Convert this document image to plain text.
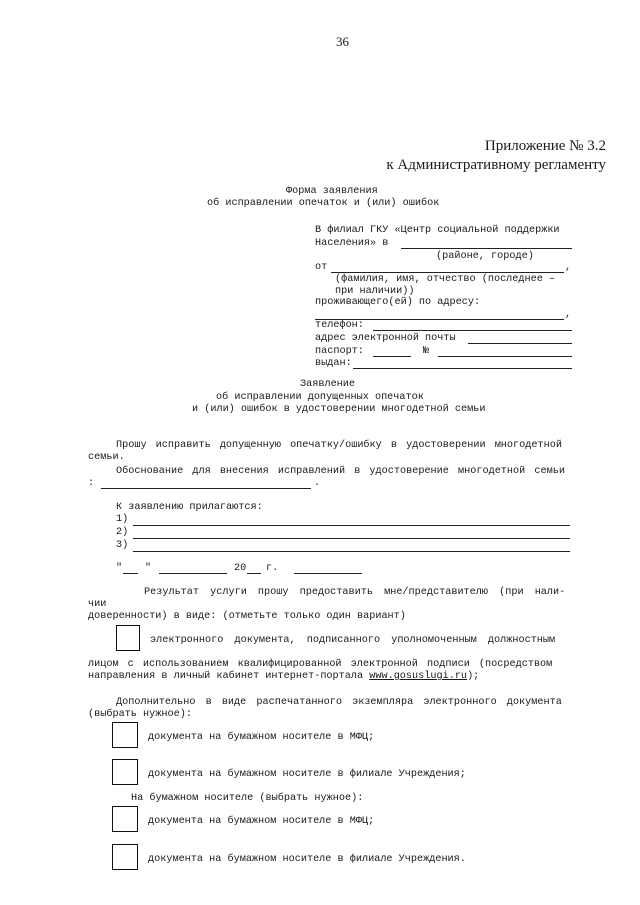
36
Приложение № 3.2
к Административному регламенту
Форма заявления
об исправлении опечаток и (или) ошибок
В филиал ГКУ «Центр социальной поддержки
Населения» в
(районе, городе)
от	,
(фамилия, имя, отчество (последнее –
при наличии))
проживающего(ей) по адресу:
,
телефон:
адрес электронной почты
паспорт:	№
выдан:
Заявление
об исправлении допущенных опечаток
и (или) ошибок в удостоверении многодетной семьи
Прошу исправить допущенную опечатку/ошибку в удостоверении многодетной
семьи.
Обоснование для внесения исправлений в удостоверение многодетной семьи
:	.
К заявлению прилагаются:
1)
2)
3)
" "	20 г.
Результат услуги прошу предоставить мне/представителю (при нали-
чии
доверенности) в виде: (отметьте только один вариант)
электронного документа, подписанного уполномоченным должностным
лицом с использованием квалифицированной электронной подписи (посредством
направления в личный кабинет интернет-портала www.gosuslugi.ru);
Дополнительно в виде распечатанного экземпляра электронного документа
(выбрать нужное):
документа на бумажном носителе в МФЦ;
документа на бумажном носителе в филиале Учреждения;
На бумажном носителе (выбрать нужное):
документа на бумажном носителе в МФЦ;
документа на бумажном носителе в филиале Учреждения.
